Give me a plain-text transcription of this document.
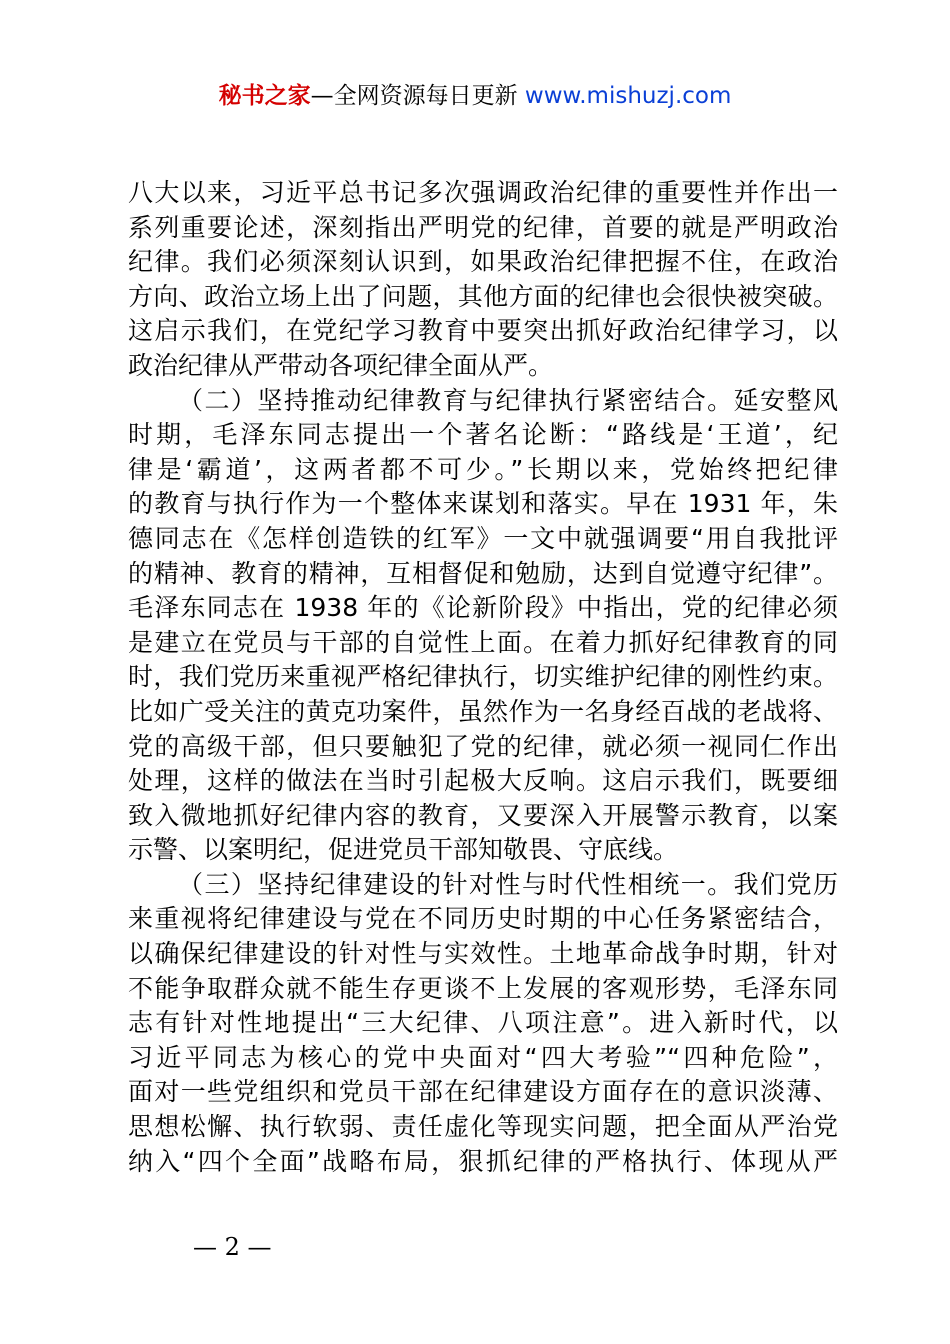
秘书之家—全网资源每日更新 www.mishuzj.com
八大以来，习近平总书记多次强调政治纪律的重要性并作出一
系列重要论述，深刻指出严明党的纪律，首要的就是严明政治
纪律。我们必须深刻认识到，如果政治纪律把握不住，在政治
方向、政治立场上出了问题，其他方面的纪律也会很快被突破。
这启示我们，在党纪学习教育中要突出抓好政治纪律学习，以
政治纪律从严带动各项纪律全面从严。
（二）坚持推动纪律教育与纪律执行紧密结合。延安整风
时期，毛泽东同志提出一个著名论断：“路线是‘王道’，纪
律是‘霸道’，这两者都不可少。”长期以来，党始终把纪律
的教育与执行作为一个整体来谋划和落实。早在 1931 年，朱
德同志在《怎样创造铁的红军》一文中就强调要“用自我批评
的精神、教育的精神，互相督促和勉励，达到自觉遵守纪律”。
毛泽东同志在 1938 年的《论新阶段》中指出，党的纪律必须
是建立在党员与干部的自觉性上面。在着力抓好纪律教育的同
时，我们党历来重视严格纪律执行，切实维护纪律的刚性约束。
比如广受关注的黄克功案件，虽然作为一名身经百战的老战将、
党的高级干部，但只要触犯了党的纪律，就必须一视同仁作出
处理，这样的做法在当时引起极大反响。这启示我们，既要细
致入微地抓好纪律内容的教育，又要深入开展警示教育，以案
示警、以案明纪，促进党员干部知敬畏、守底线。
（三）坚持纪律建设的针对性与时代性相统一。我们党历
来重视将纪律建设与党在不同历史时期的中心任务紧密结合，
以确保纪律建设的针对性与实效性。土地革命战争时期，针对
不能争取群众就不能生存更谈不上发展的客观形势，毛泽东同
志有针对性地提出“三大纪律、八项注意”。进入新时代，以
习近平同志为核心的党中央面对“四大考验”“四种危险”，
面对一些党组织和党员干部在纪律建设方面存在的意识淡薄、
思想松懈、执行软弱、责任虚化等现实问题，把全面从严治党
纳入“四个全面”战略布局，狠抓纪律的严格执行、体现从严
— 2 —
